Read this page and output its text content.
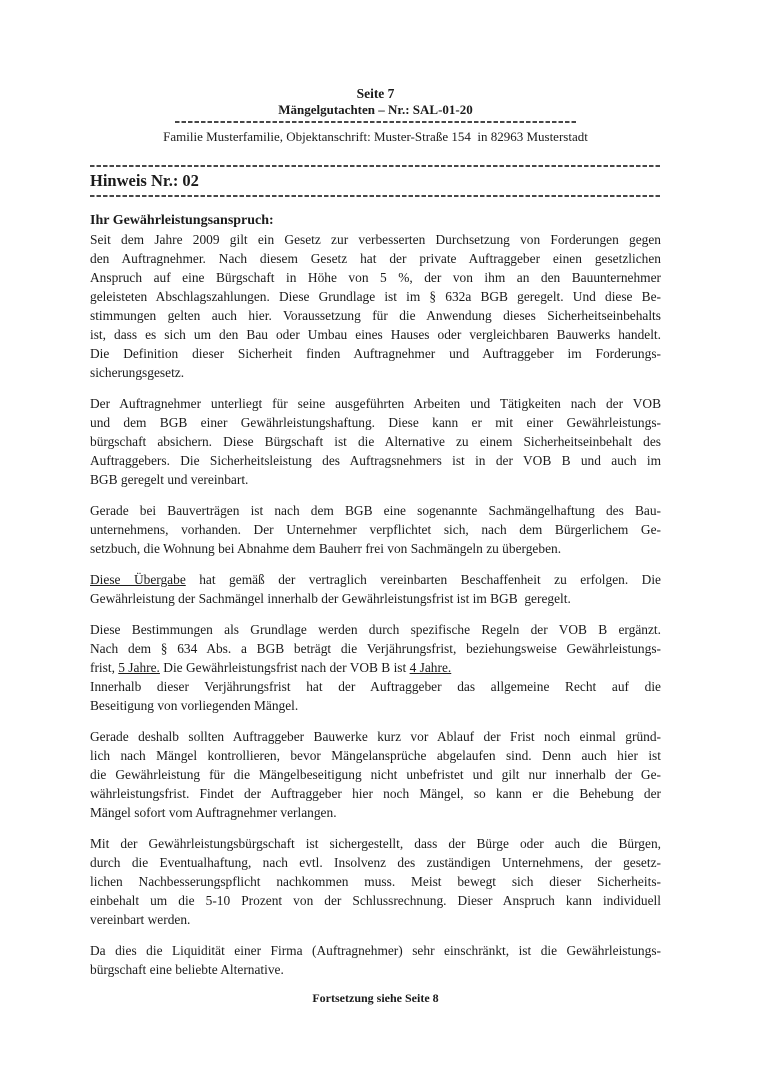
Seite 7
Mängelgutachten – Nr.: SAL-01-20
Familie Musterfamilie, Objektanschrift: Muster-Straße 154  in 82963 Musterstadt
Hinweis Nr.: 02
Ihr Gewährleistungsanspruch:
Seit dem Jahre 2009 gilt ein Gesetz zur verbesserten Durchsetzung von Forderungen gegen
den Auftragnehmer. Nach diesem Gesetz hat der private Auftraggeber einen gesetzlichen
Anspruch auf eine Bürgschaft in Höhe von 5 %, der von ihm an den Bauunternehmer
geleisteten Abschlagszahlungen. Diese Grundlage ist im § 632a BGB geregelt. Und diese Be-
stimmungen gelten auch hier. Voraussetzung für die Anwendung dieses Sicherheitseinbehalts
ist, dass es sich um den Bau oder Umbau eines Hauses oder vergleichbaren Bauwerks handelt.
Die Definition dieser Sicherheit finden Auftragnehmer und Auftraggeber im Forderungs-
sicherungsgesetz.
Der Auftragnehmer unterliegt für seine ausgeführten Arbeiten und Tätigkeiten nach der VOB
und dem BGB einer Gewährleistungshaftung. Diese kann er mit einer Gewährleistungs-
bürgschaft absichern. Diese Bürgschaft ist die Alternative zu einem Sicherheitseinbehalt des
Auftraggebers. Die Sicherheitsleistung des Auftragsnehmers ist in der VOB B und auch im
BGB geregelt und vereinbart.
Gerade bei Bauverträgen ist nach dem BGB eine sogenannte Sachmängelhaftung des Bau-
unternehmens, vorhanden. Der Unternehmer verpflichtet sich, nach dem Bürgerlichem Ge-
setzbuch, die Wohnung bei Abnahme dem Bauherr frei von Sachmängeln zu übergeben.
Diese Übergabe hat gemäß der vertraglich vereinbarten Beschaffenheit zu erfolgen. Die
Gewährleistung der Sachmängel innerhalb der Gewährleistungsfrist ist im BGB  geregelt.
Diese Bestimmungen als Grundlage werden durch spezifische Regeln der VOB B ergänzt.
Nach dem § 634 Abs. a BGB beträgt die Verjährungsfrist, beziehungsweise Gewährleistungs-
frist, 5 Jahre. Die Gewährleistungsfrist nach der VOB B ist 4 Jahre.
Innerhalb dieser Verjährungsfrist hat der Auftraggeber das allgemeine Recht auf die
Beseitigung von vorliegenden Mängel.
Gerade deshalb sollten Auftraggeber Bauwerke kurz vor Ablauf der Frist noch einmal gründ-
lich nach Mängel kontrollieren, bevor Mängelansprüche abgelaufen sind. Denn auch hier ist
die Gewährleistung für die Mängelbeseitigung nicht unbefristet und gilt nur innerhalb der Ge-
währleistungsfrist. Findet der Auftraggeber hier noch Mängel, so kann er die Behebung der
Mängel sofort vom Auftragnehmer verlangen.
Mit der Gewährleistungsbürgschaft ist sichergestellt, dass der Bürge oder auch die Bürgen,
durch die Eventualhaftung, nach evtl. Insolvenz des zuständigen Unternehmens, der gesetz-
lichen Nachbesserungspflicht nachkommen muss. Meist bewegt sich dieser Sicherheits-
einbehalt um die 5-10 Prozent von der Schlussrechnung. Dieser Anspruch kann individuell
vereinbart werden.
Da dies die Liquidität einer Firma (Auftragnehmer) sehr einschränkt, ist die Gewährleistungs-
bürgschaft eine beliebte Alternative.
Fortsetzung siehe Seite 8
